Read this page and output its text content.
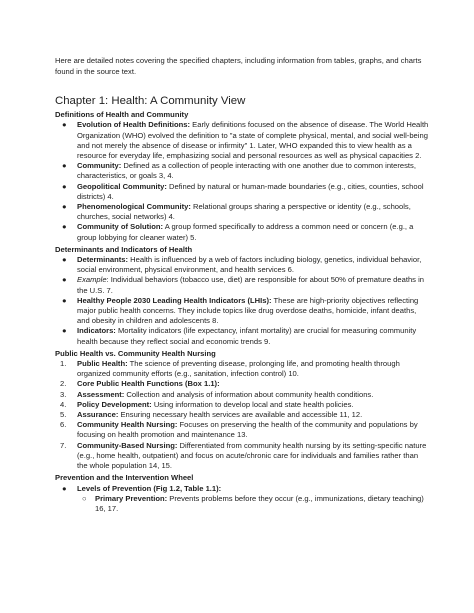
Here are detailed notes covering the specified chapters, including information from tables, graphs, and charts found in the source text.

Chapter 1: Health: A Community View
Definitions of Health and Community
●	Evolution of Health Definitions: Early definitions focused on the absence of disease. The World Health Organization (WHO) evolved the definition to "a state of complete physical, mental, and social well-being and not merely the absence of disease or infirmity" 1. Later, WHO expanded this to view health as a resource for everyday life, emphasizing social and personal resources as well as physical capacities 2.
●	Community: Defined as a collection of people interacting with one another due to common interests, characteristics, or goals 3, 4.
●	Geopolitical Community: Defined by natural or human-made boundaries (e.g., cities, counties, school districts) 4.
●	Phenomenological Community: Relational groups sharing a perspective or identity (e.g., schools, churches, social networks) 4.
●	Community of Solution: A group formed specifically to address a common need or concern (e.g., a group lobbying for cleaner water) 5.
Determinants and Indicators of Health
●	Determinants: Health is influenced by a web of factors including biology, genetics, individual behavior, social environment, physical environment, and health services 6.
●	Example: Individual behaviors (tobacco use, diet) are responsible for about 50% of premature deaths in the U.S. 7.
●	Healthy People 2030 Leading Health Indicators (LHIs): These are high-priority objectives reflecting major public health concerns. They include topics like drug overdose deaths, homicide, infant deaths, and obesity in children and adolescents 8.
●	Indicators: Mortality indicators (life expectancy, infant mortality) are crucial for measuring community health because they reflect social and economic trends 9.
Public Health vs. Community Health Nursing
1.	Public Health: The science of preventing disease, prolonging life, and promoting health through organized community efforts (e.g., sanitation, infection control) 10.
2.	Core Public Health Functions (Box 1.1):
3.	Assessment: Collection and analysis of information about community health conditions.
4.	Policy Development: Using information to develop local and state health policies.
5.	Assurance: Ensuring necessary health services are available and accessible 11, 12.
6.	Community Health Nursing: Focuses on preserving the health of the community and populations by focusing on health promotion and maintenance 13.
7.	Community-Based Nursing: Differentiated from community health nursing by its setting-specific nature (e.g., home health, outpatient) and focus on acute/chronic care for individuals and families rather than the whole population 14, 15.
Prevention and the Intervention Wheel
●	Levels of Prevention (Fig 1.2, Table 1.1):
○	Primary Prevention: Prevents problems before they occur (e.g., immunizations, dietary teaching) 16, 17.
